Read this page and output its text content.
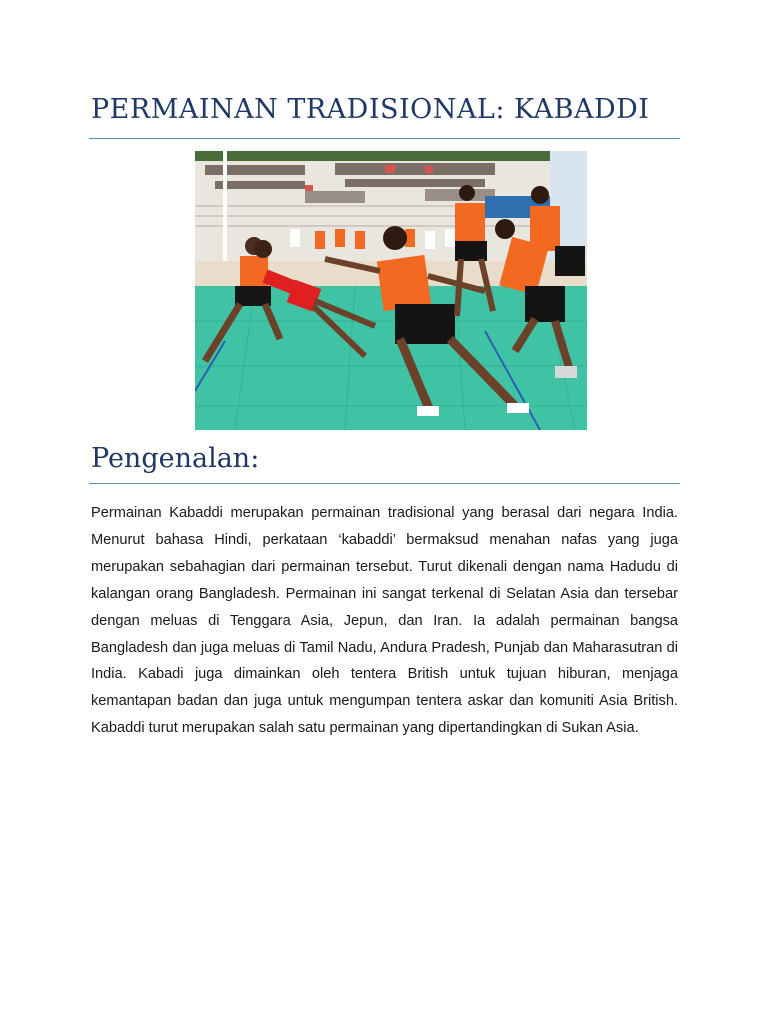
PERMAINAN TRADISIONAL: KABADDI
Pengenalan:

Permainan Kabaddi merupakan permainan tradisional yang berasal dari negara India. Menurut bahasa Hindi, perkataan ‘kabaddi’ bermaksud menahan nafas yang juga merupakan sebahagian dari permainan tersebut. Turut dikenali dengan nama Hadudu di kalangan orang Bangladesh. Permainan ini sangat terkenal di Selatan Asia dan tersebar dengan meluas di Tenggara Asia, Jepun, dan Iran. Ia adalah permainan bangsa Bangladesh dan juga meluas di Tamil Nadu, Andura Pradesh, Punjab dan Maharasutran di India. Kabadi juga dimainkan oleh tentera British untuk tujuan hiburan, menjaga kemantapan badan dan juga untuk mengumpan tentera askar dan komuniti Asia British. Kabaddi turut merupakan salah satu permainan yang dipertandingkan di Sukan Asia.
